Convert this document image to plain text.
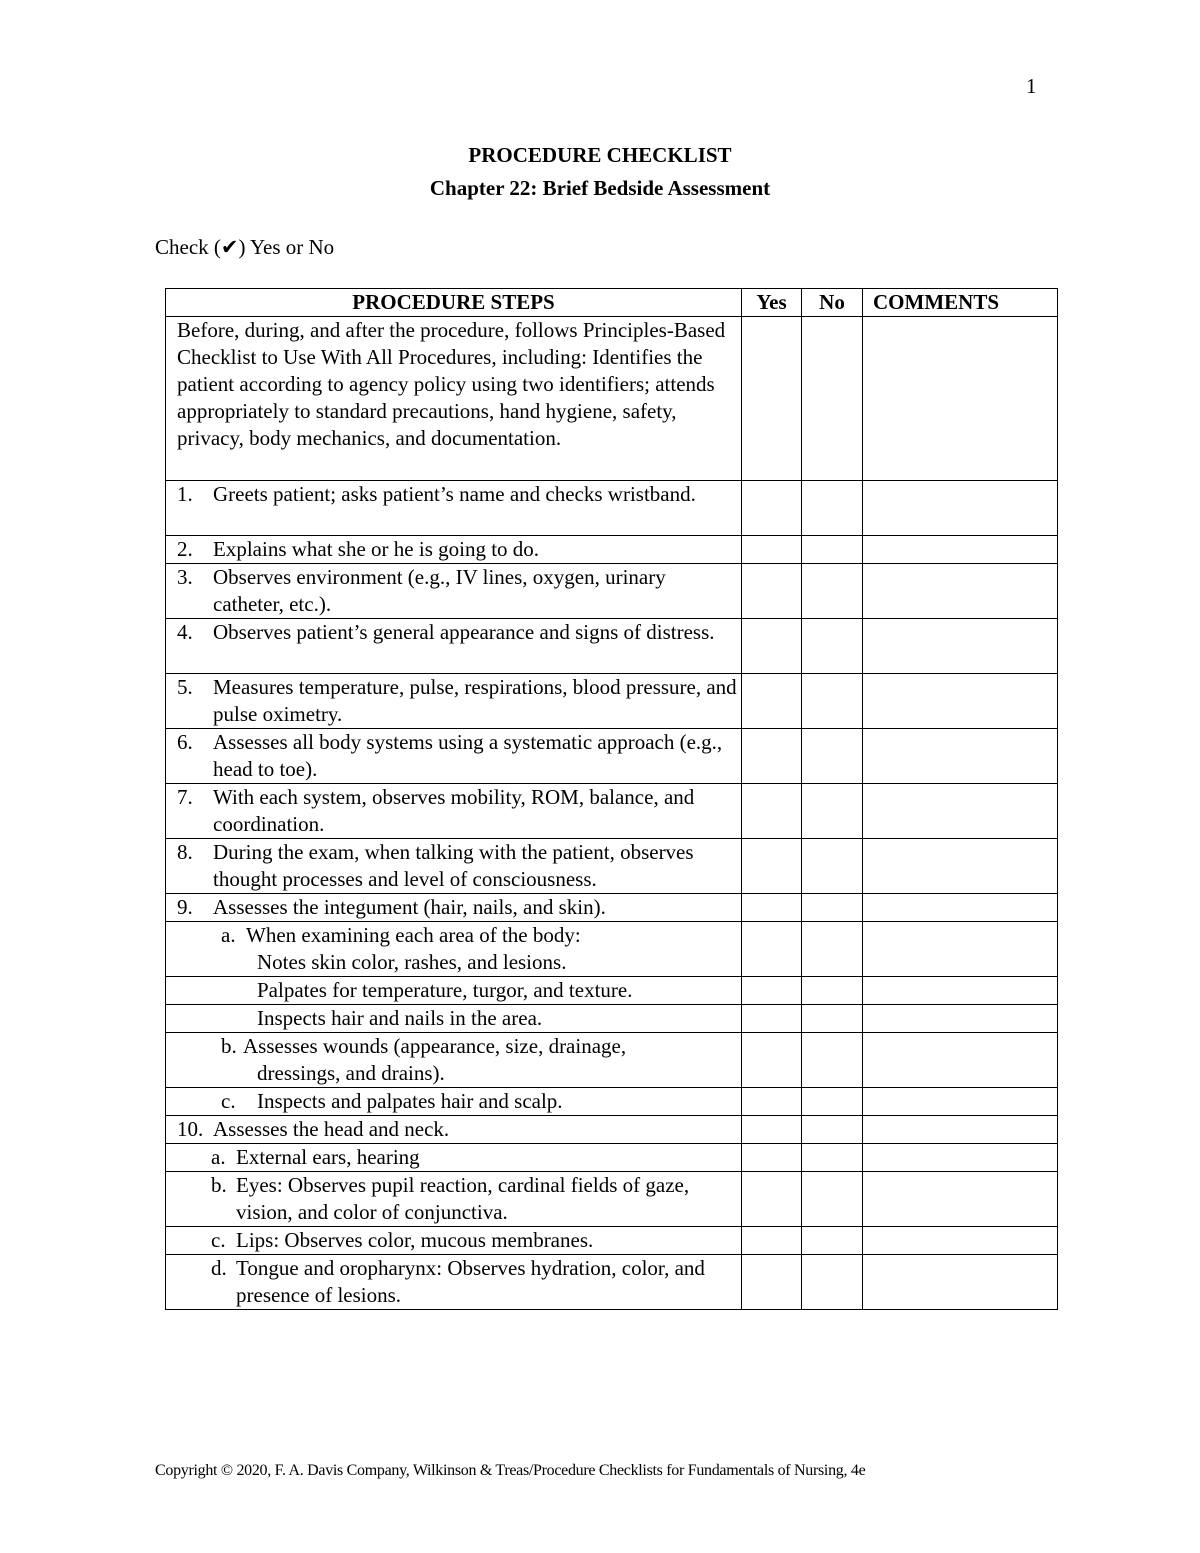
1
PROCEDURE CHECKLIST
Chapter 22: Brief Bedside Assessment
Check (✔) Yes or No
PROCEDURE STEPS	Yes	No	COMMENTS

Before, during, and after the procedure, follows Principles-Based Checklist to Use With All Procedures, including: Identifies the patient according to agency policy using two identifiers; attends appropriately to standard precautions, hand hygiene, safety, privacy, body mechanics, and documentation.			

1. Greets patient; asks patient’s name and checks wristband.			

2. Explains what she or he is going to do.			

3. Observes environment (e.g., IV lines, oxygen, urinary catheter, etc.).			

4. Observes patient’s general appearance and signs of distress.			

5. Measures temperature, pulse, respirations, blood pressure, and pulse oximetry.			

6. Assesses all body systems using a systematic approach (e.g., head to toe).			

7. With each system, observes mobility, ROM, balance, and coordination.			

8. During the exam, when talking with the patient, observes thought processes and level of consciousness.			

9. Assesses the integument (hair, nails, and skin).			

a. When examining each area of the body:
Notes skin color, rashes, and lesions.			

Palpates for temperature, turgor, and texture.			

Inspects hair and nails in the area.			

b. Assesses wounds (appearance, size, drainage,
dressings, and drains).			

c. Inspects and palpates hair and scalp.			

10. Assesses the head and neck.			

a. External ears, hearing			

b. Eyes: Observes pupil reaction, cardinal fields of gaze, vision, and color of conjunctiva.			

c. Lips: Observes color, mucous membranes.			

d. Tongue and oropharynx: Observes hydration, color, and presence of lesions.			

Copyright © 2020, F. A. Davis Company, Wilkinson & Treas/Procedure Checklists for Fundamentals of Nursing, 4e
